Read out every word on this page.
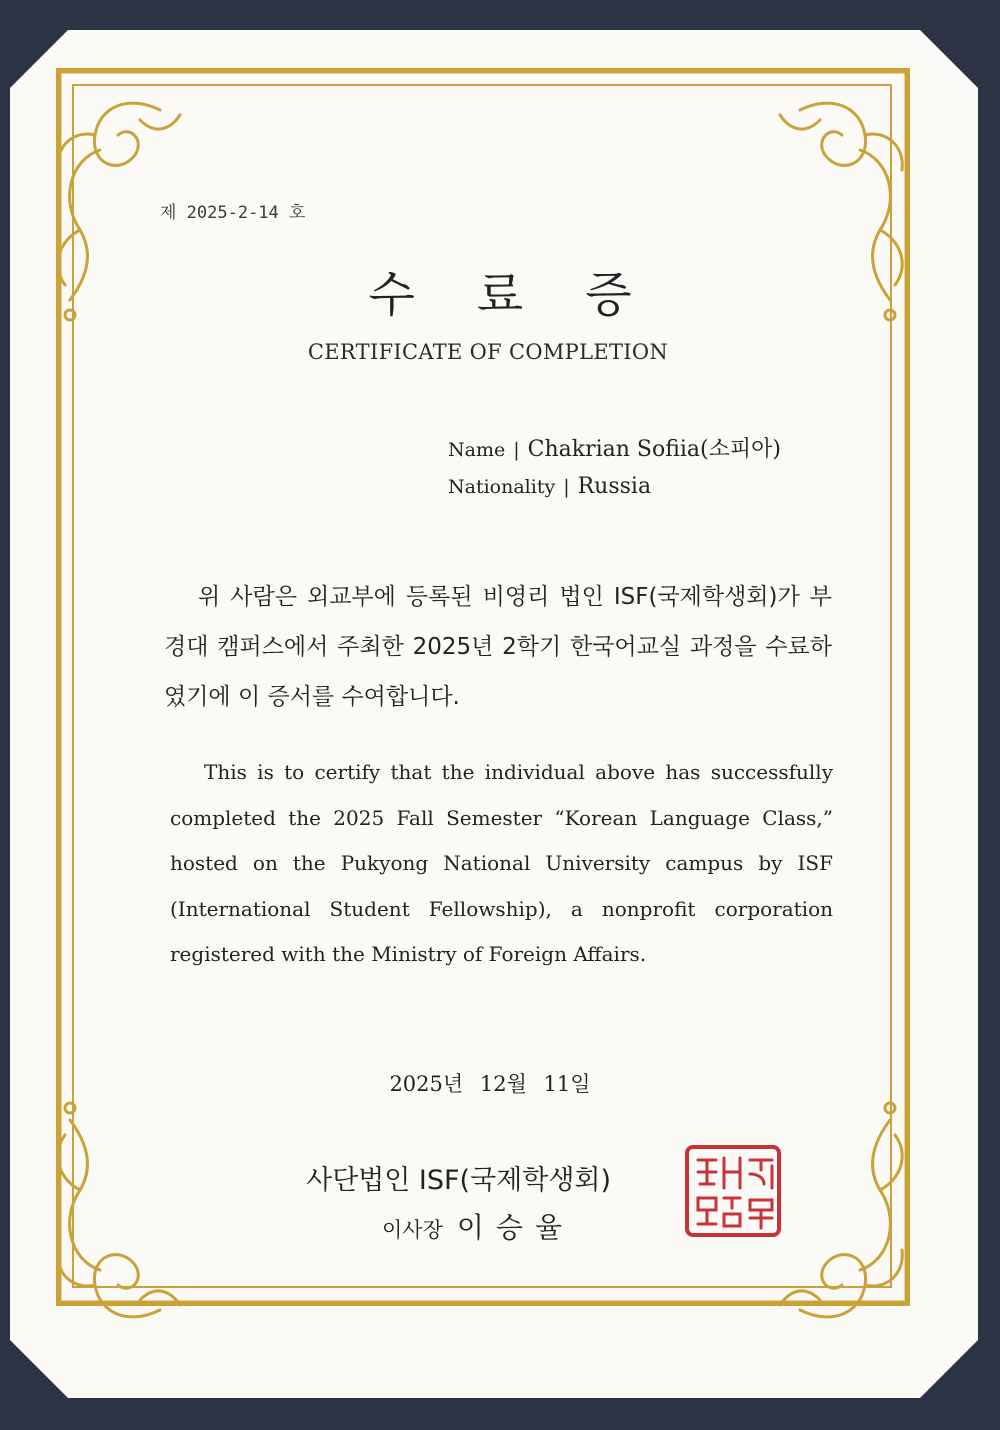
제 2025-2-14 호
수료증
CERTIFICATE OF COMPLETION
Name | Chakrian Sofiia(소피아)
Nationality | Russia
위 사람은 외교부에 등록된 비영리 법인 ISF(국제학생회)가 부경대 캠퍼스에서 주최한 2025년 2학기 한국어교실 과정을 수료하였기에 이 증서를 수여합니다.
This is to certify that the individual above has successfully completed the 2025 Fall Semester “Korean Language Class,” hosted on the Pukyong National University campus by ISF (International Student Fellowship), a nonprofit corporation registered with the Ministry of Foreign Affairs.
2025년 12월 11일
사단법인 ISF(국제학생회)
이사장 이승율
